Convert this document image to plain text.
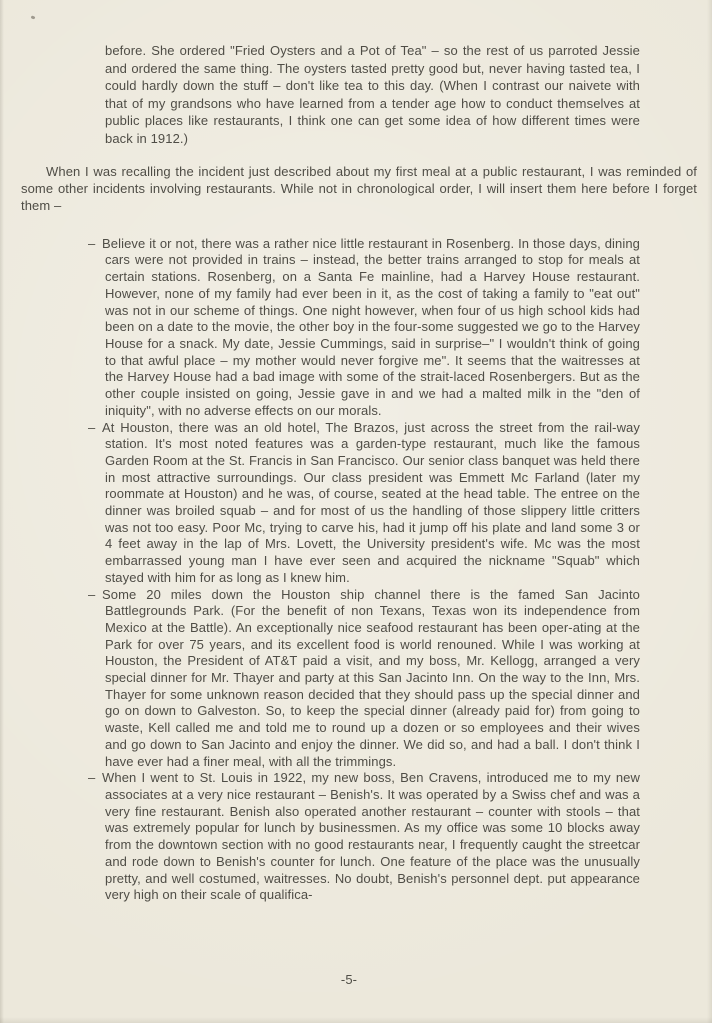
before. She ordered "Fried Oysters and a Pot of Tea" – so the rest of us parroted Jessie and ordered the same thing. The oysters tasted pretty good but, never having tasted tea, I could hardly down the stuff – don't like tea to this day. (When I contrast our naivete with that of my grandsons who have learned from a tender age how to conduct themselves at public places like restaurants, I think one can get some idea of how different times were back in 1912.)

When I was recalling the incident just described about my first meal at a public restaurant, I was reminded of some other incidents involving restaurants. While not in chronological order, I will insert them here before I forget them –

– Believe it or not, there was a rather nice little restaurant in Rosenberg. In those days, dining cars were not provided in trains – instead, the better trains arranged to stop for meals at certain stations. Rosenberg, on a Santa Fe mainline, had a Harvey House restaurant. However, none of my family had ever been in it, as the cost of taking a family to "eat out" was not in our scheme of things. One night however, when four of us high school kids had been on a date to the movie, the other boy in the four-some suggested we go to the Harvey House for a snack. My date, Jessie Cummings, said in surprise–" I wouldn't think of going to that awful place – my mother would never forgive me". It seems that the waitresses at the Harvey House had a bad image with some of the strait-laced Rosenbergers. But as the other couple insisted on going, Jessie gave in and we had a malted milk in the "den of iniquity", with no adverse effects on our morals.

– At Houston, there was an old hotel, The Brazos, just across the street from the rail-way station. It's most noted features was a garden-type restaurant, much like the famous Garden Room at the St. Francis in San Francisco. Our senior class banquet was held there in most attractive surroundings. Our class president was Emmett Mc Farland (later my roommate at Houston) and he was, of course, seated at the head table. The entree on the dinner was broiled squab – and for most of us the handling of those slippery little critters was not too easy. Poor Mc, trying to carve his, had it jump off his plate and land some 3 or 4 feet away in the lap of Mrs. Lovett, the University president's wife. Mc was the most embarrassed young man I have ever seen and acquired the nickname "Squab" which stayed with him for as long as I knew him.

– Some 20 miles down the Houston ship channel there is the famed San Jacinto Battlegrounds Park. (For the benefit of non Texans, Texas won its independence from Mexico at the Battle). An exceptionally nice seafood restaurant has been oper-ating at the Park for over 75 years, and its excellent food is world renouned. While I was working at Houston, the President of AT&T paid a visit, and my boss, Mr. Kellogg, arranged a very special dinner for Mr. Thayer and party at this San Jacinto Inn. On the way to the Inn, Mrs. Thayer for some unknown reason decided that they should pass up the special dinner and go on down to Galveston. So, to keep the special dinner (already paid for) from going to waste, Kell called me and told me to round up a dozen or so employees and their wives and go down to San Jacinto and enjoy the dinner. We did so, and had a ball. I don't think I have ever had a finer meal, with all the trimmings.

– When I went to St. Louis in 1922, my new boss, Ben Cravens, introduced me to my new associates at a very nice restaurant – Benish's. It was operated by a Swiss chef and was a very fine restaurant. Benish also operated another restaurant – counter with stools – that was extremely popular for lunch by businessmen. As my office was some 10 blocks away from the downtown section with no good restaurants near, I frequently caught the streetcar and rode down to Benish's counter for lunch. One feature of the place was the unusually pretty, and well costumed, waitresses. No doubt, Benish's personnel dept. put appearance very high on their scale of qualifica-

-5-
